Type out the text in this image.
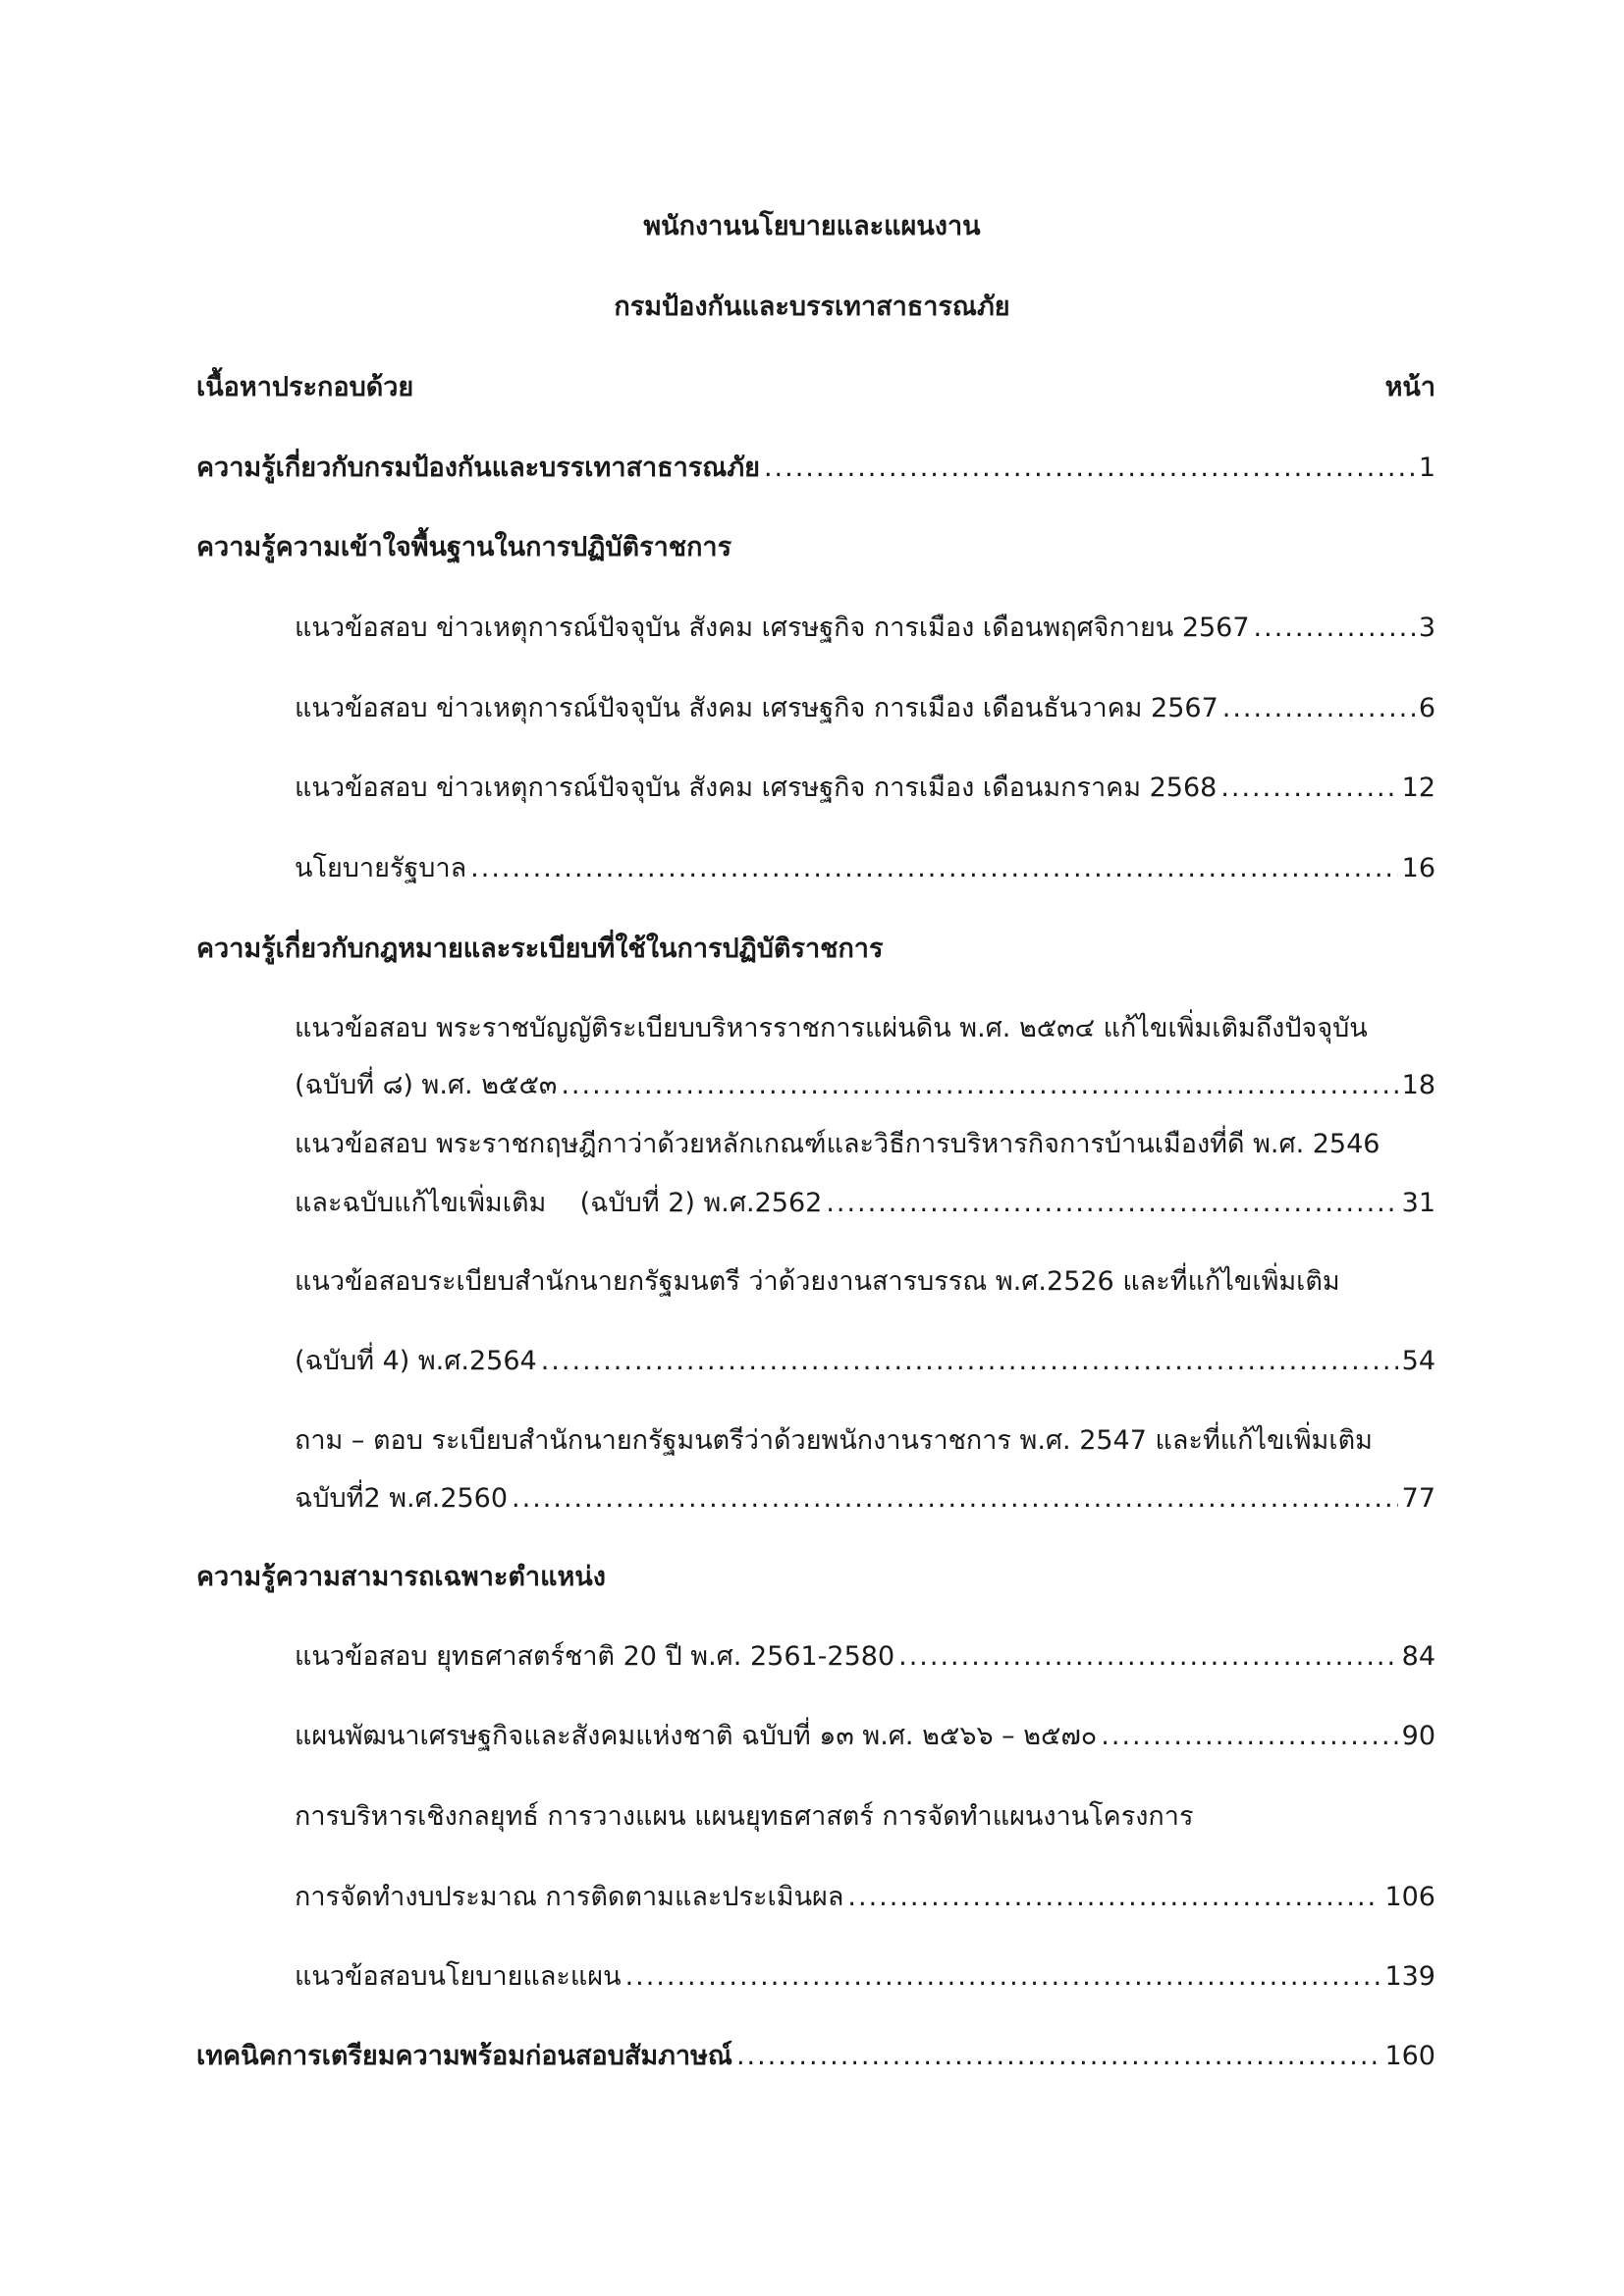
พนักงานนโยบายและแผนงาน
กรมป้องกันและบรรเทาสาธารณภัย
เนื้อหาประกอบด้วย	หน้า
ความรู้เกี่ยวกับกรมป้องกันและบรรเทาสาธารณภัย .....	1
ความรู้ความเข้าใจพื้นฐานในการปฏิบัติราชการ
แนวข้อสอบ ข่าวเหตุการณ์ปัจจุบัน สังคม เศรษฐกิจ การเมือง เดือนพฤศจิกายน 2567 .....	3
แนวข้อสอบ ข่าวเหตุการณ์ปัจจุบัน สังคม เศรษฐกิจ การเมือง เดือนธันวาคม 2567 .....	6
แนวข้อสอบ ข่าวเหตุการณ์ปัจจุบัน สังคม เศรษฐกิจ การเมือง เดือนมกราคม 2568 .....	12
นโยบายรัฐบาล .....	16
ความรู้เกี่ยวกับกฎหมายและระเบียบที่ใช้ในการปฏิบัติราชการ
แนวข้อสอบ พระราชบัญญัติระเบียบบริหารราชการแผ่นดิน พ.ศ. ๒๕๓๔ แก้ไขเพิ่มเติมถึงปัจจุบัน
(ฉบับที่ ๘) พ.ศ. ๒๕๕๓ .....	18
แนวข้อสอบ พระราชกฤษฎีกาว่าด้วยหลักเกณฑ์และวิธีการบริหารกิจการบ้านเมืองที่ดี พ.ศ. 2546
และฉบับแก้ไขเพิ่มเติม    (ฉบับที่ 2) พ.ศ.2562 .....	31
แนวข้อสอบระเบียบสำนักนายกรัฐมนตรี ว่าด้วยงานสารบรรณ พ.ศ.2526 และที่แก้ไขเพิ่มเติม
(ฉบับที่ 4) พ.ศ.2564 .....	54
ถาม – ตอบ ระเบียบสำนักนายกรัฐมนตรีว่าด้วยพนักงานราชการ พ.ศ. 2547 และที่แก้ไขเพิ่มเติม
ฉบับที่2 พ.ศ.2560 .....	77
ความรู้ความสามารถเฉพาะตำแหน่ง
แนวข้อสอบ ยุทธศาสตร์ชาติ 20 ปี พ.ศ. 2561-2580 .....	84
แผนพัฒนาเศรษฐกิจและสังคมแห่งชาติ ฉบับที่ ๑๓ พ.ศ. ๒๕๖๖ – ๒๕๗๐ .....	90
การบริหารเชิงกลยุทธ์ การวางแผน แผนยุทธศาสตร์ การจัดทำแผนงานโครงการ
การจัดทำงบประมาณ การติดตามและประเมินผล .....	106
แนวข้อสอบนโยบายและแผน .....	139
เทคนิคการเตรียมความพร้อมก่อนสอบสัมภาษณ์ .....	160
